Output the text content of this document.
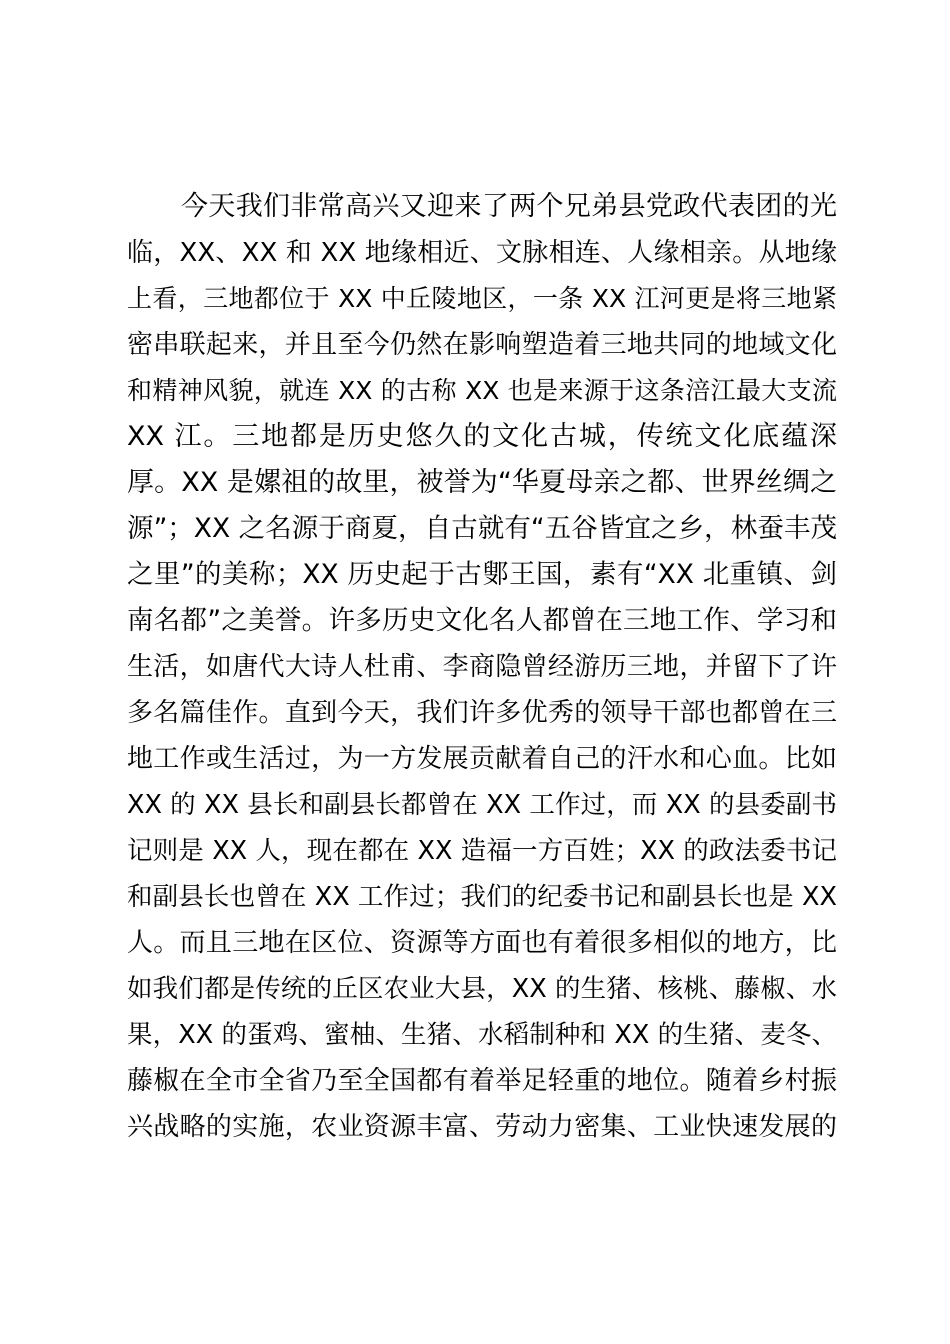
今天我们非常高兴又迎来了两个兄弟县党政代表团的光
临，XX、XX 和 XX 地缘相近、文脉相连、人缘相亲。从地缘
上看，三地都位于 XX 中丘陵地区，一条 XX 江河更是将三地紧
密串联起来，并且至今仍然在影响塑造着三地共同的地域文化
和精神风貌，就连 XX 的古称 XX 也是来源于这条涪江最大支流
XX 江。三地都是历史悠久的文化古城，传统文化底蕴深
厚。XX 是嫘祖的故里，被誉为“华夏母亲之都、世界丝绸之
源”；XX 之名源于商夏，自古就有“五谷皆宜之乡，林蚕丰茂
之里”的美称；XX 历史起于古鄋王国，素有“XX 北重镇、剑
南名都”之美誉。许多历史文化名人都曾在三地工作、学习和
生活，如唐代大诗人杜甫、李商隐曾经游历三地，并留下了许
多名篇佳作。直到今天，我们许多优秀的领导干部也都曾在三
地工作或生活过，为一方发展贡献着自己的汗水和心血。比如
XX 的 XX 县长和副县长都曾在 XX 工作过，而 XX 的县委副书
记则是 XX 人，现在都在 XX 造福一方百姓；XX 的政法委书记
和副县长也曾在 XX 工作过；我们的纪委书记和副县长也是 XX
人。而且三地在区位、资源等方面也有着很多相似的地方，比
如我们都是传统的丘区农业大县，XX 的生猪、核桃、藤椒、水
果，XX 的蛋鸡、蜜柚、生猪、水稻制种和 XX 的生猪、麦冬、
藤椒在全市全省乃至全国都有着举足轻重的地位。随着乡村振
兴战略的实施，农业资源丰富、劳动力密集、工业快速发展的
